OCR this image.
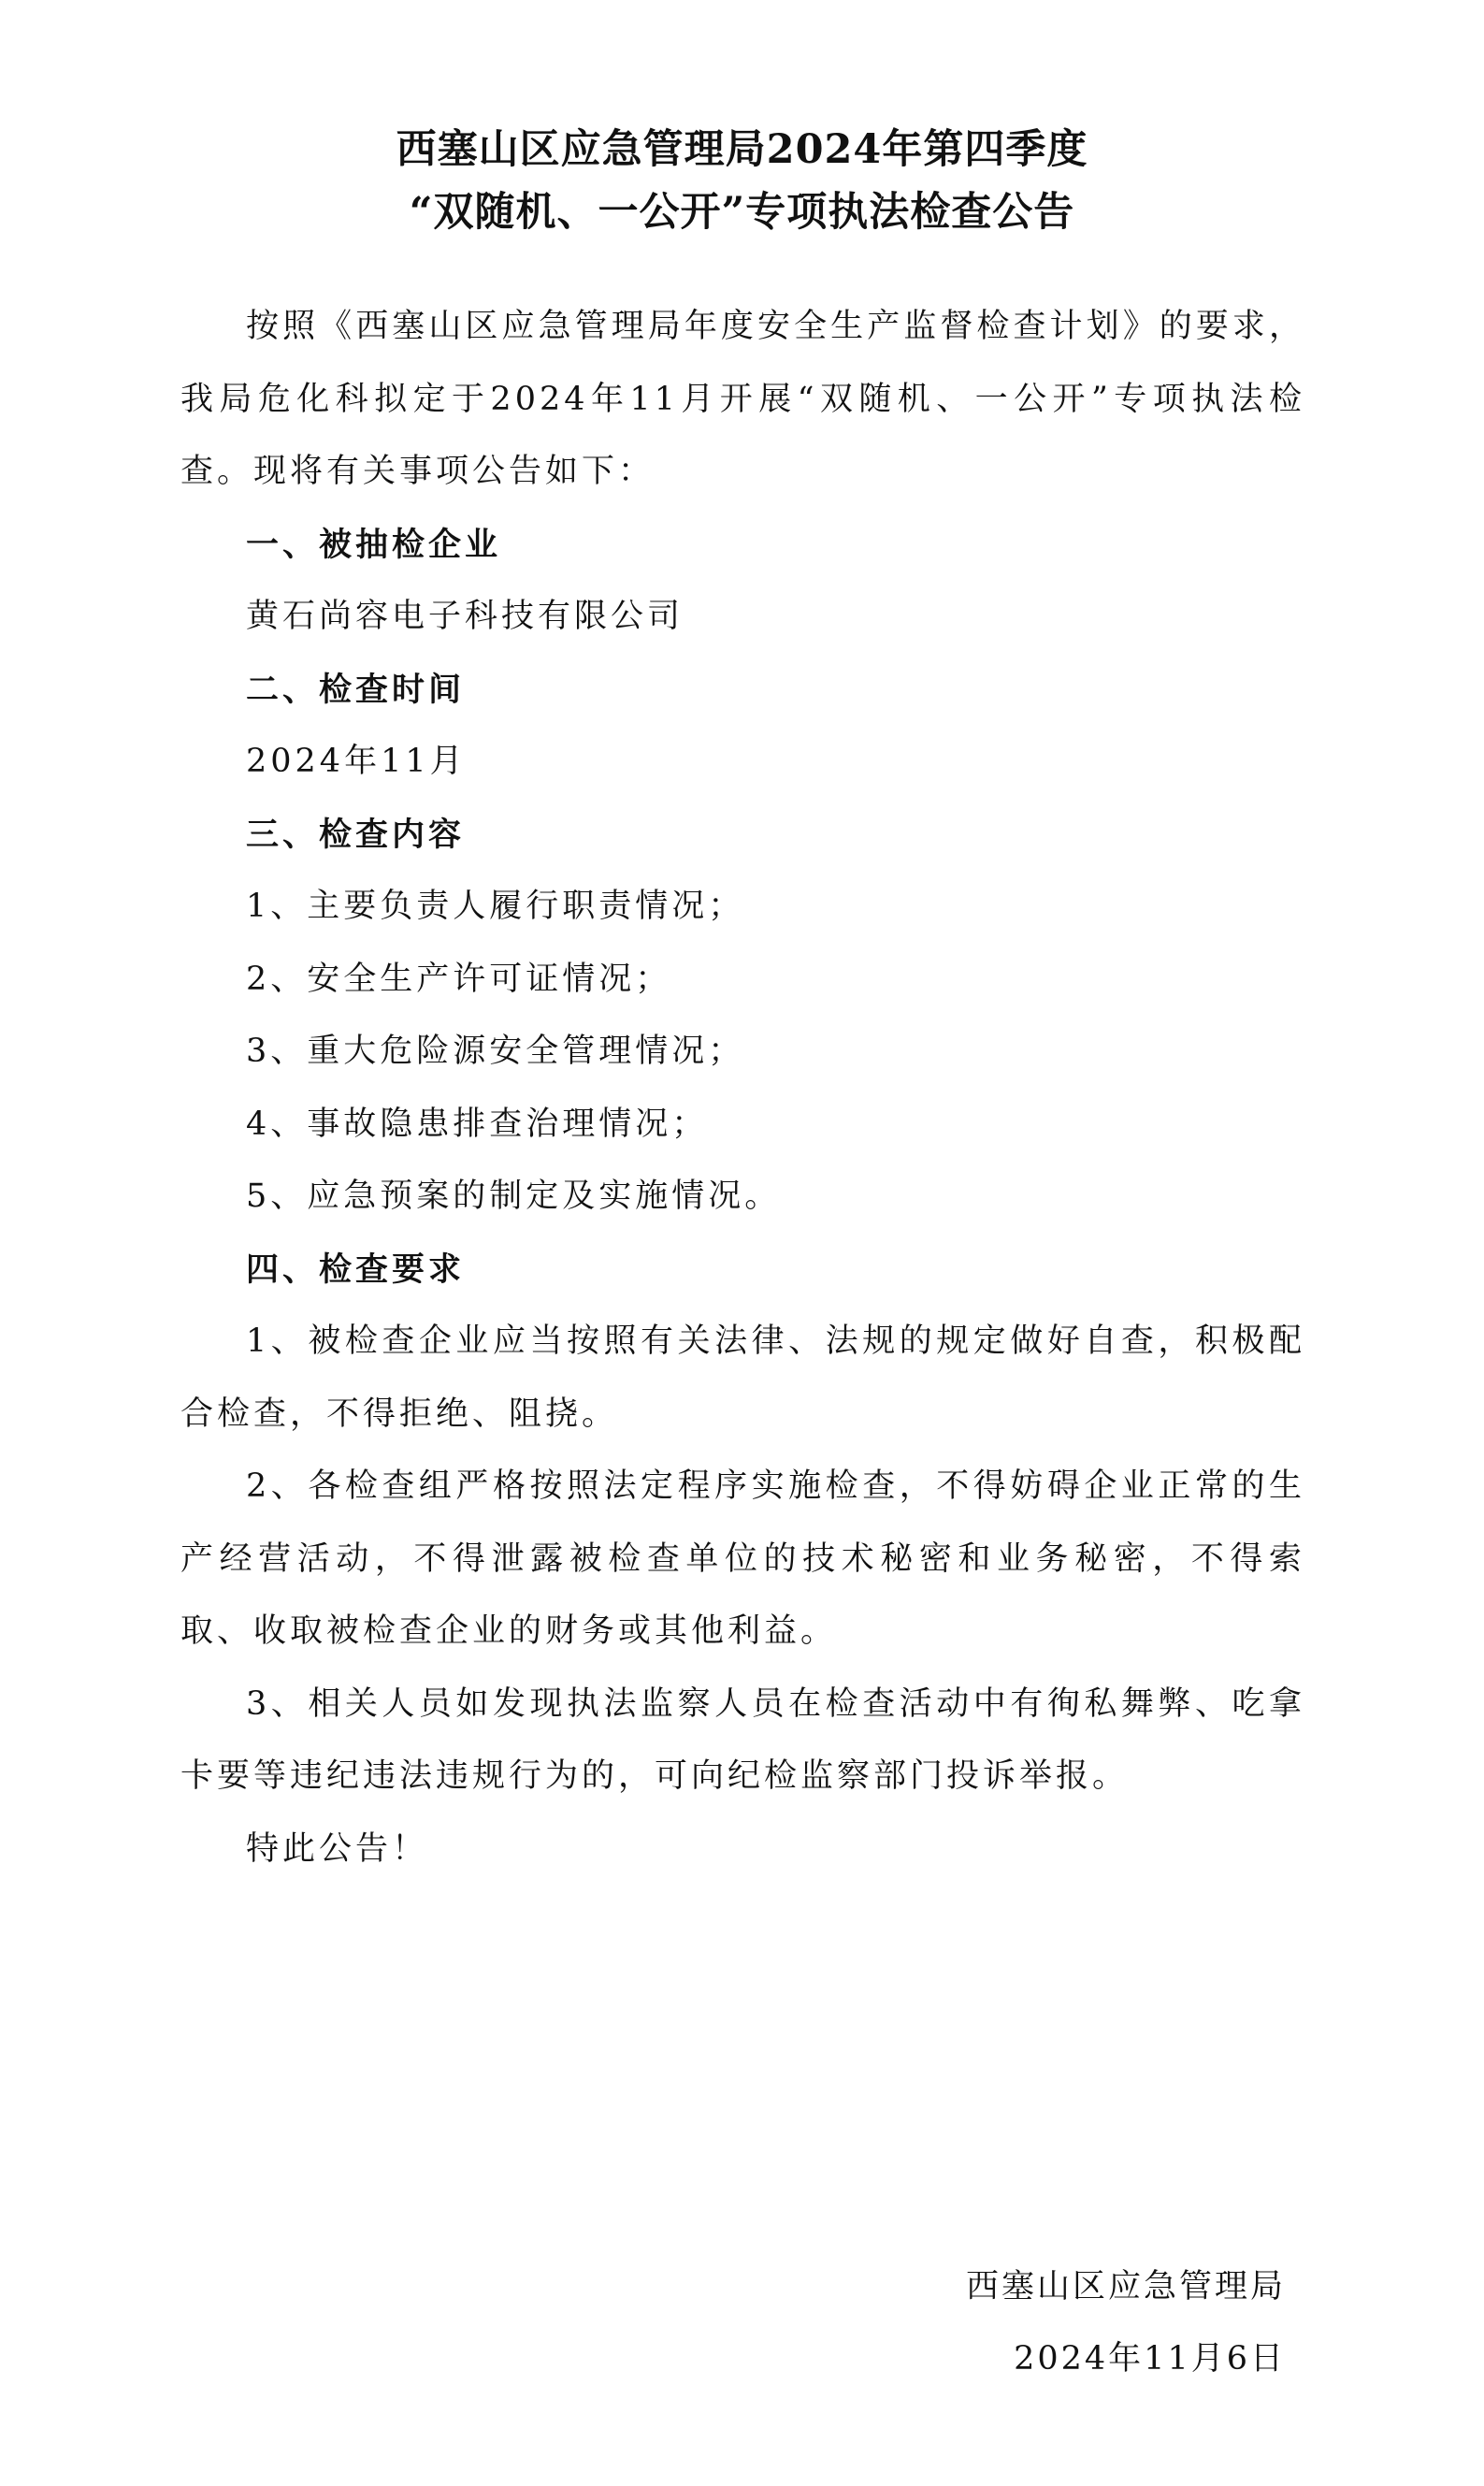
西塞山区应急管理局2024年第四季度
“双随机、一公开”专项执法检查公告

按照《西塞山区应急管理局年度安全生产监督检查计划》的要求，我局危化科拟定于2024年11月开展“双随机、一公开”专项执法检查。现将有关事项公告如下：

一、被抽检企业

黄石尚容电子科技有限公司

二、检查时间

2024年11月

三、检查内容

1、主要负责人履行职责情况；

2、安全生产许可证情况；

3、重大危险源安全管理情况；

4、事故隐患排查治理情况；

5、应急预案的制定及实施情况。

四、检查要求

1、被检查企业应当按照有关法律、法规的规定做好自查，积极配合检查，不得拒绝、阻挠。

2、各检查组严格按照法定程序实施检查，不得妨碍企业正常的生产经营活动，不得泄露被检查单位的技术秘密和业务秘密，不得索取、收取被检查企业的财务或其他利益。

3、相关人员如发现执法监察人员在检查活动中有徇私舞弊、吃拿卡要等违纪违法违规行为的，可向纪检监察部门投诉举报。

特此公告！

西塞山区应急管理局
2024年11月6日
